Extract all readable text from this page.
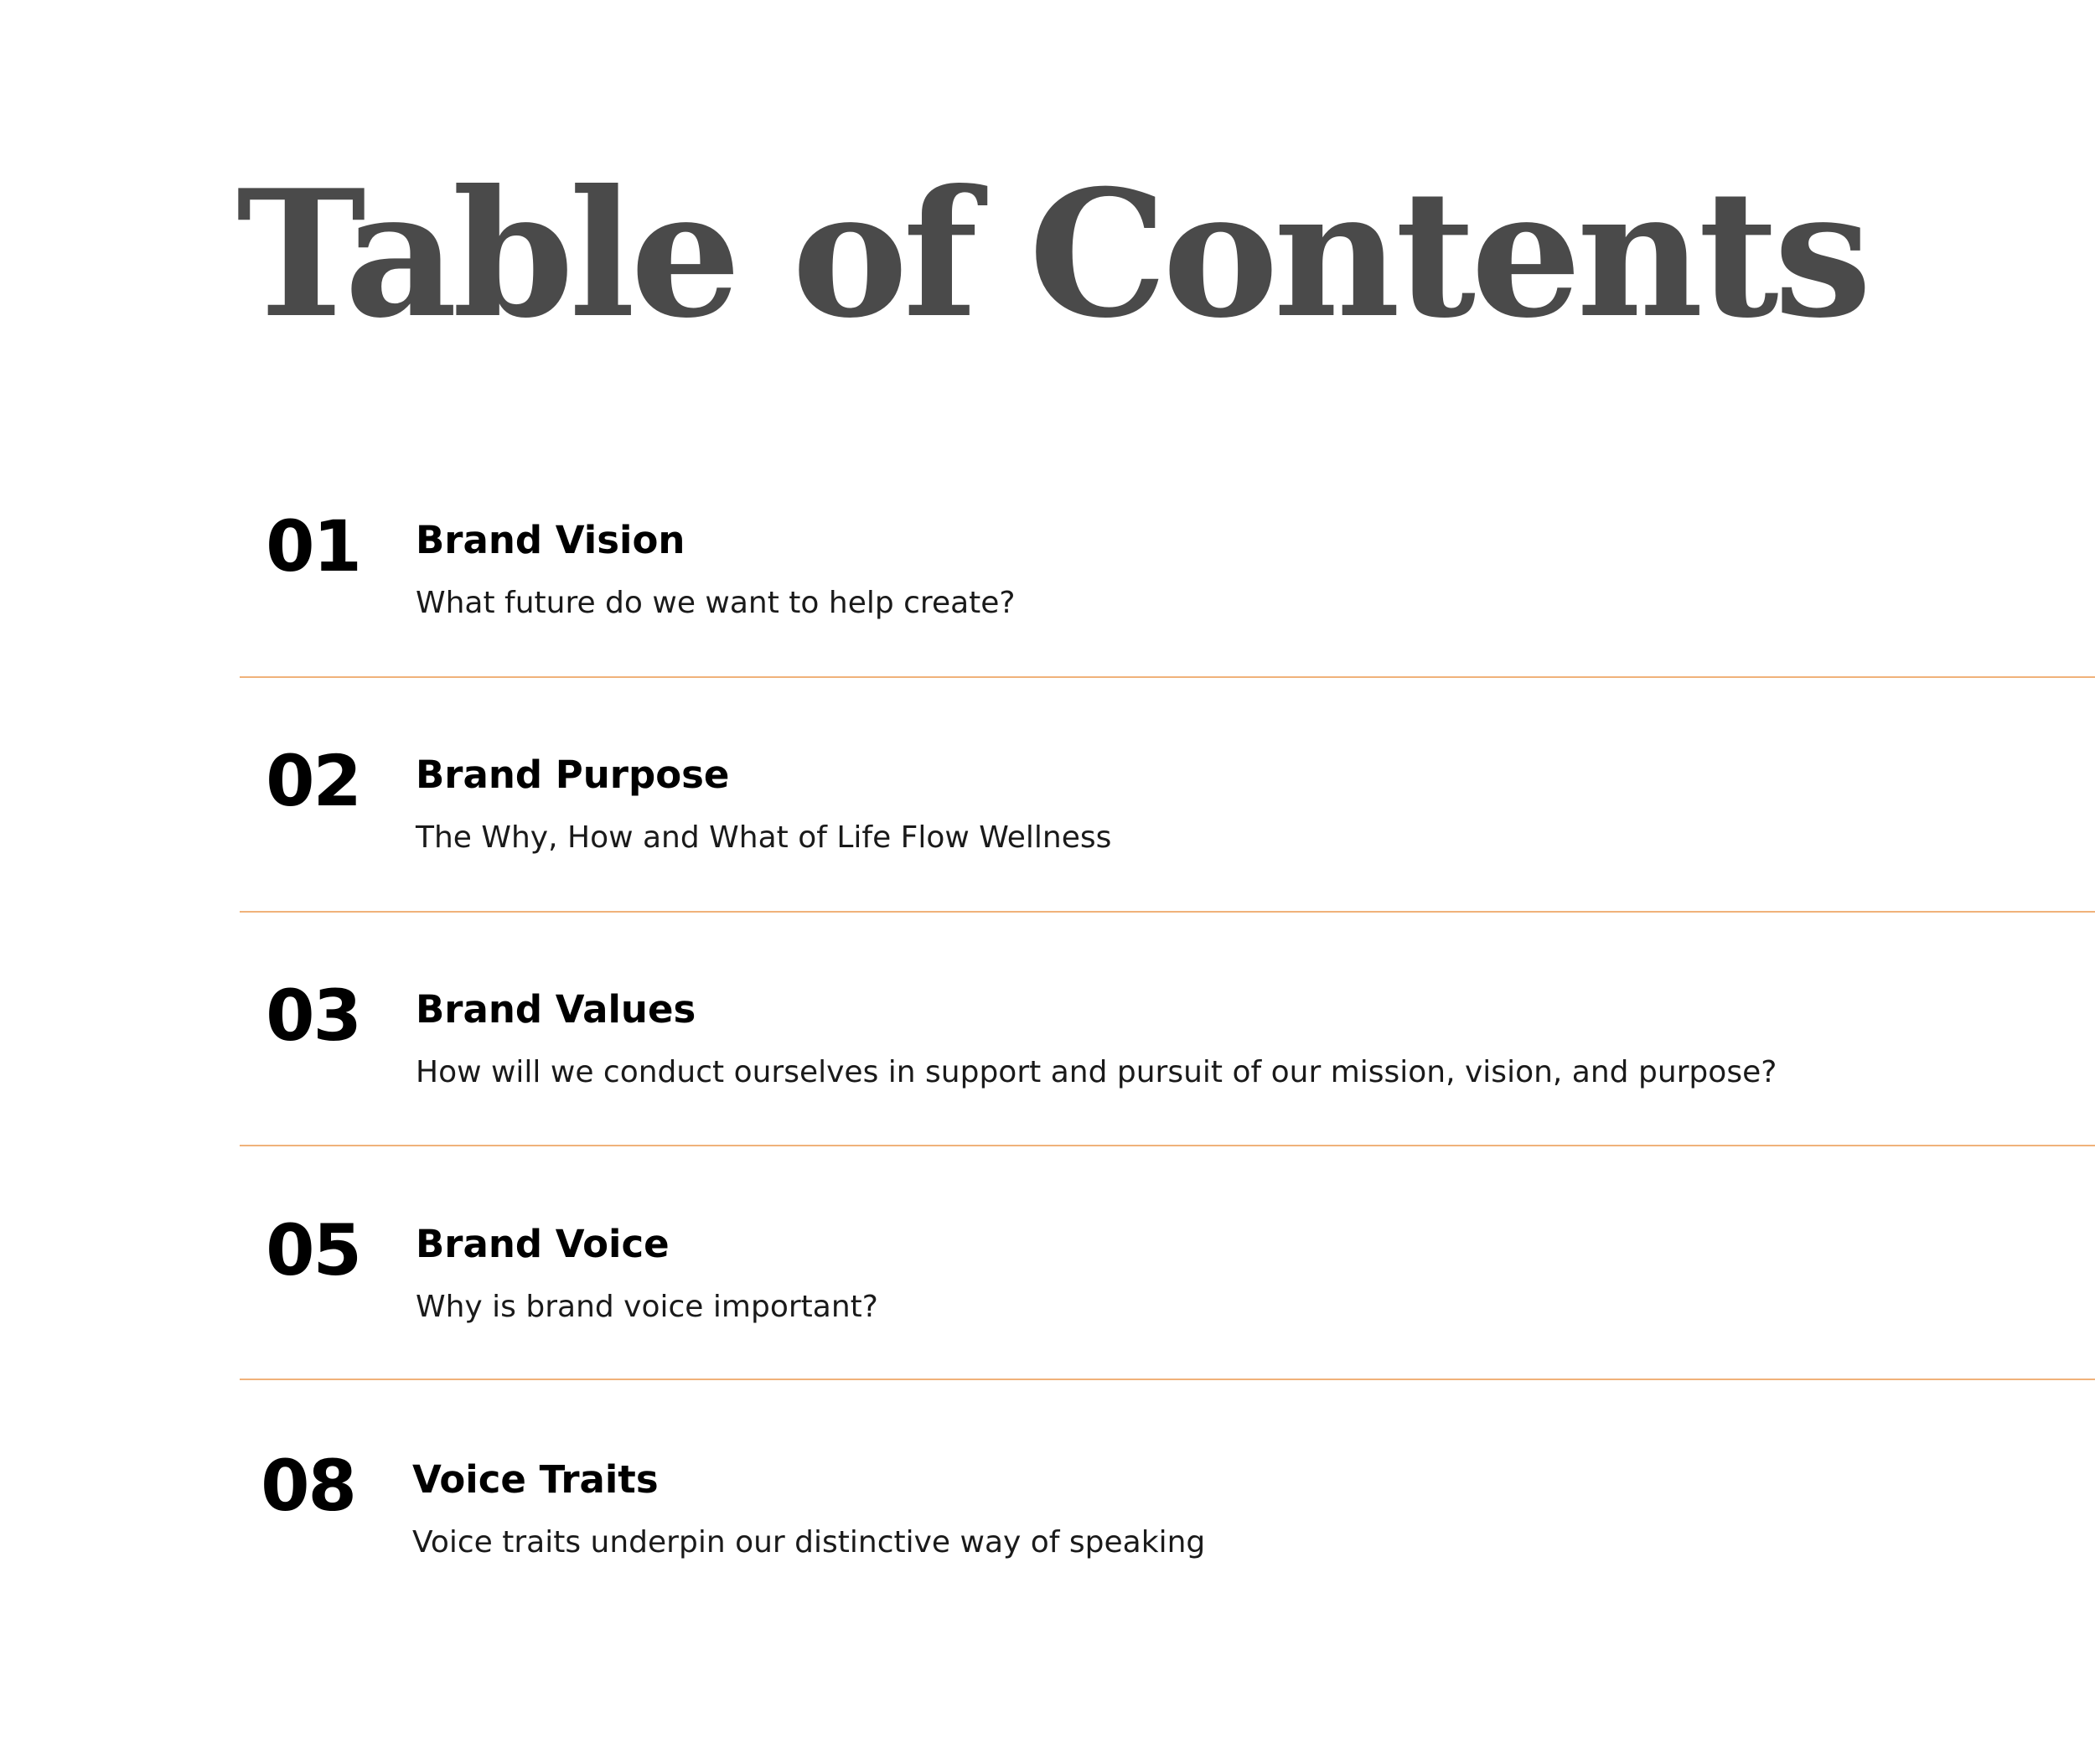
Table of Contents
01 Brand Vision
What future do we want to help create?
02 Brand Purpose
The Why, How and What of Life Flow Wellness
03 Brand Values
How will we conduct ourselves in support and pursuit of our mission, vision, and purpose?
05 Brand Voice
Why is brand voice important?
08 Voice Traits
Voice traits underpin our distinctive way of speaking
